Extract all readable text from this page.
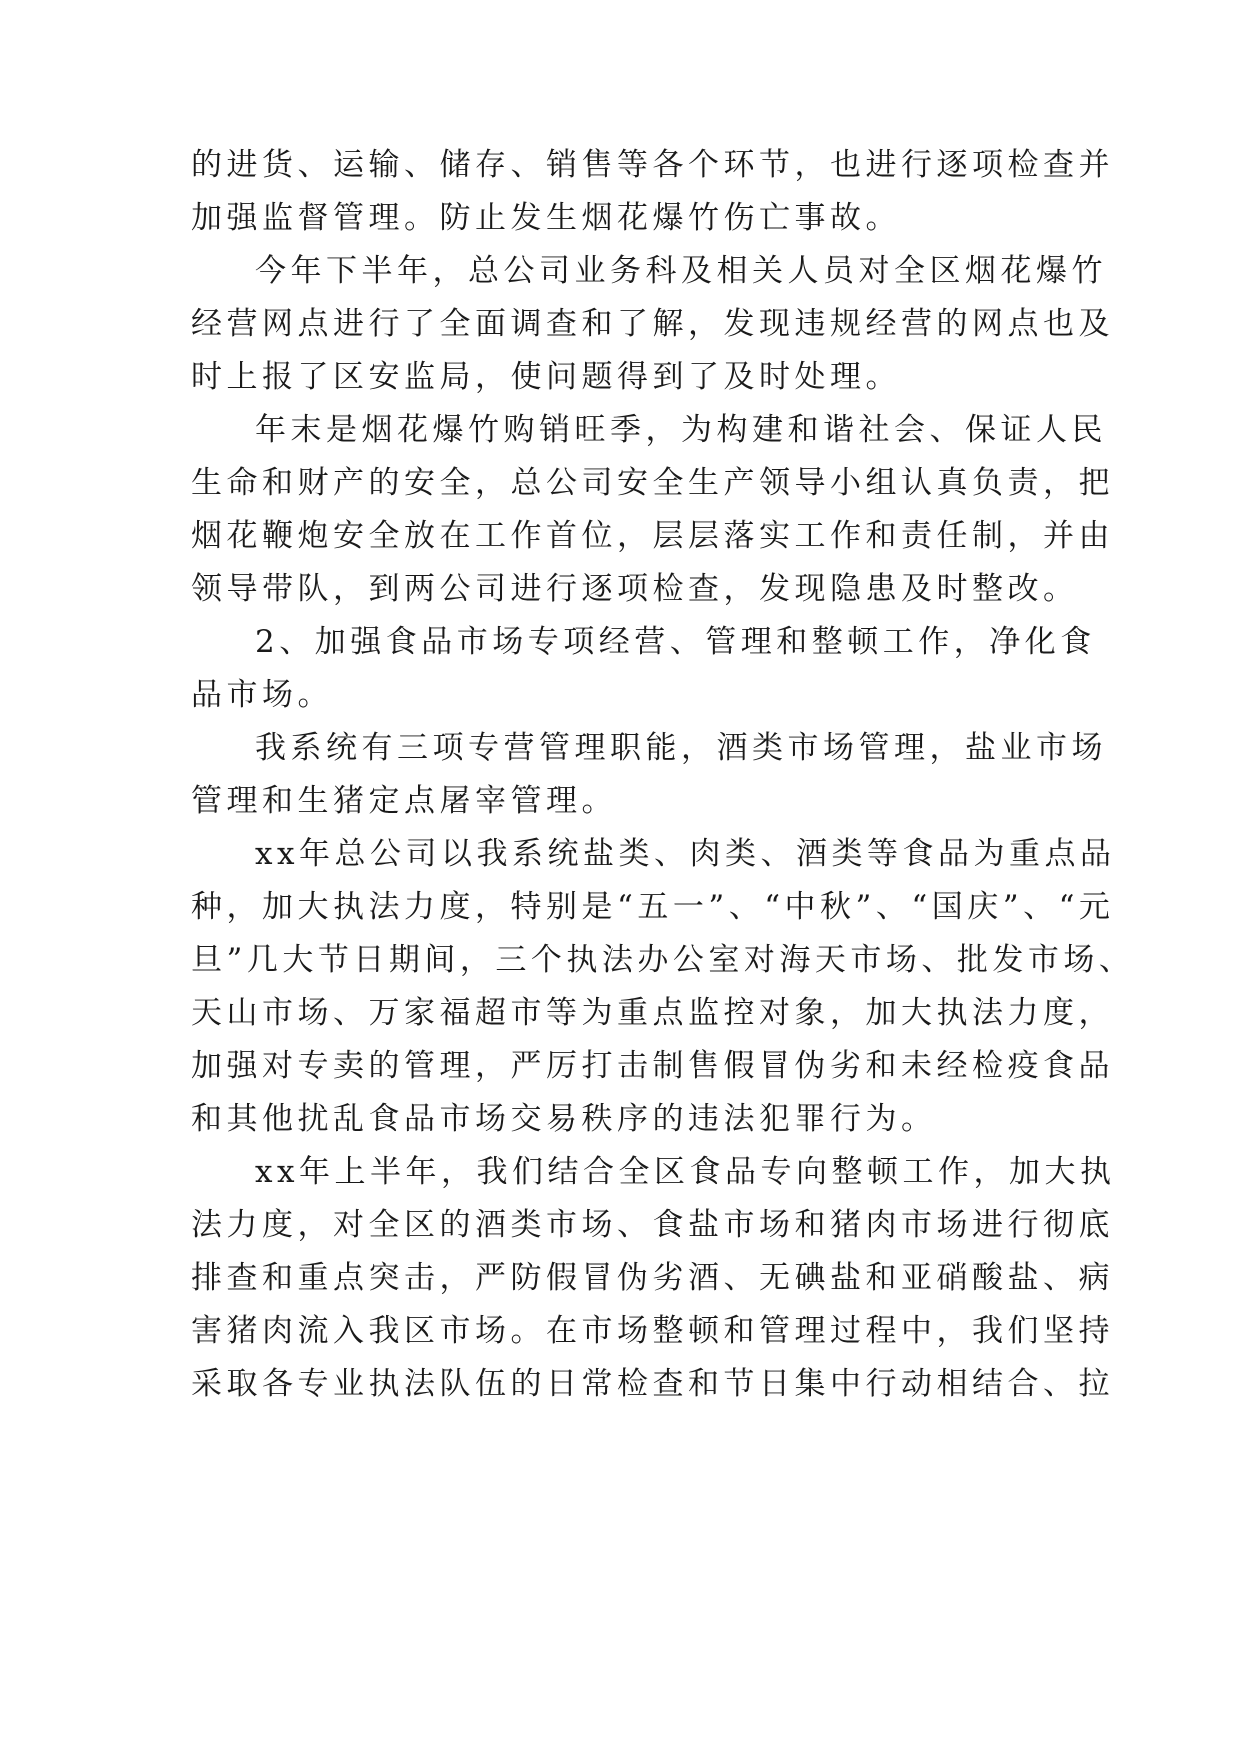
的进货、运输、储存、销售等各个环节，也进行逐项检查并
加强监督管理。防止发生烟花爆竹伤亡事故。
今年下半年，总公司业务科及相关人员对全区烟花爆竹
经营网点进行了全面调查和了解，发现违规经营的网点也及
时上报了区安监局，使问题得到了及时处理。
年末是烟花爆竹购销旺季，为构建和谐社会、保证人民
生命和财产的安全，总公司安全生产领导小组认真负责，把
烟花鞭炮安全放在工作首位，层层落实工作和责任制，并由
领导带队，到两公司进行逐项检查，发现隐患及时整改。
2、加强食品市场专项经营、管理和整顿工作，净化食
品市场。
我系统有三项专营管理职能，酒类市场管理，盐业市场
管理和生猪定点屠宰管理。
xx年总公司以我系统盐类、肉类、酒类等食品为重点品
种，加大执法力度，特别是“五一”、“中秋”、“国庆”、“元
旦”几大节日期间，三个执法办公室对海天市场、批发市场、
天山市场、万家福超市等为重点监控对象，加大执法力度，
加强对专卖的管理，严厉打击制售假冒伪劣和未经检疫食品
和其他扰乱食品市场交易秩序的违法犯罪行为。
xx年上半年，我们结合全区食品专向整顿工作，加大执
法力度，对全区的酒类市场、食盐市场和猪肉市场进行彻底
排查和重点突击，严防假冒伪劣酒、无碘盐和亚硝酸盐、病
害猪肉流入我区市场。在市场整顿和管理过程中，我们坚持
采取各专业执法队伍的日常检查和节日集中行动相结合、拉
